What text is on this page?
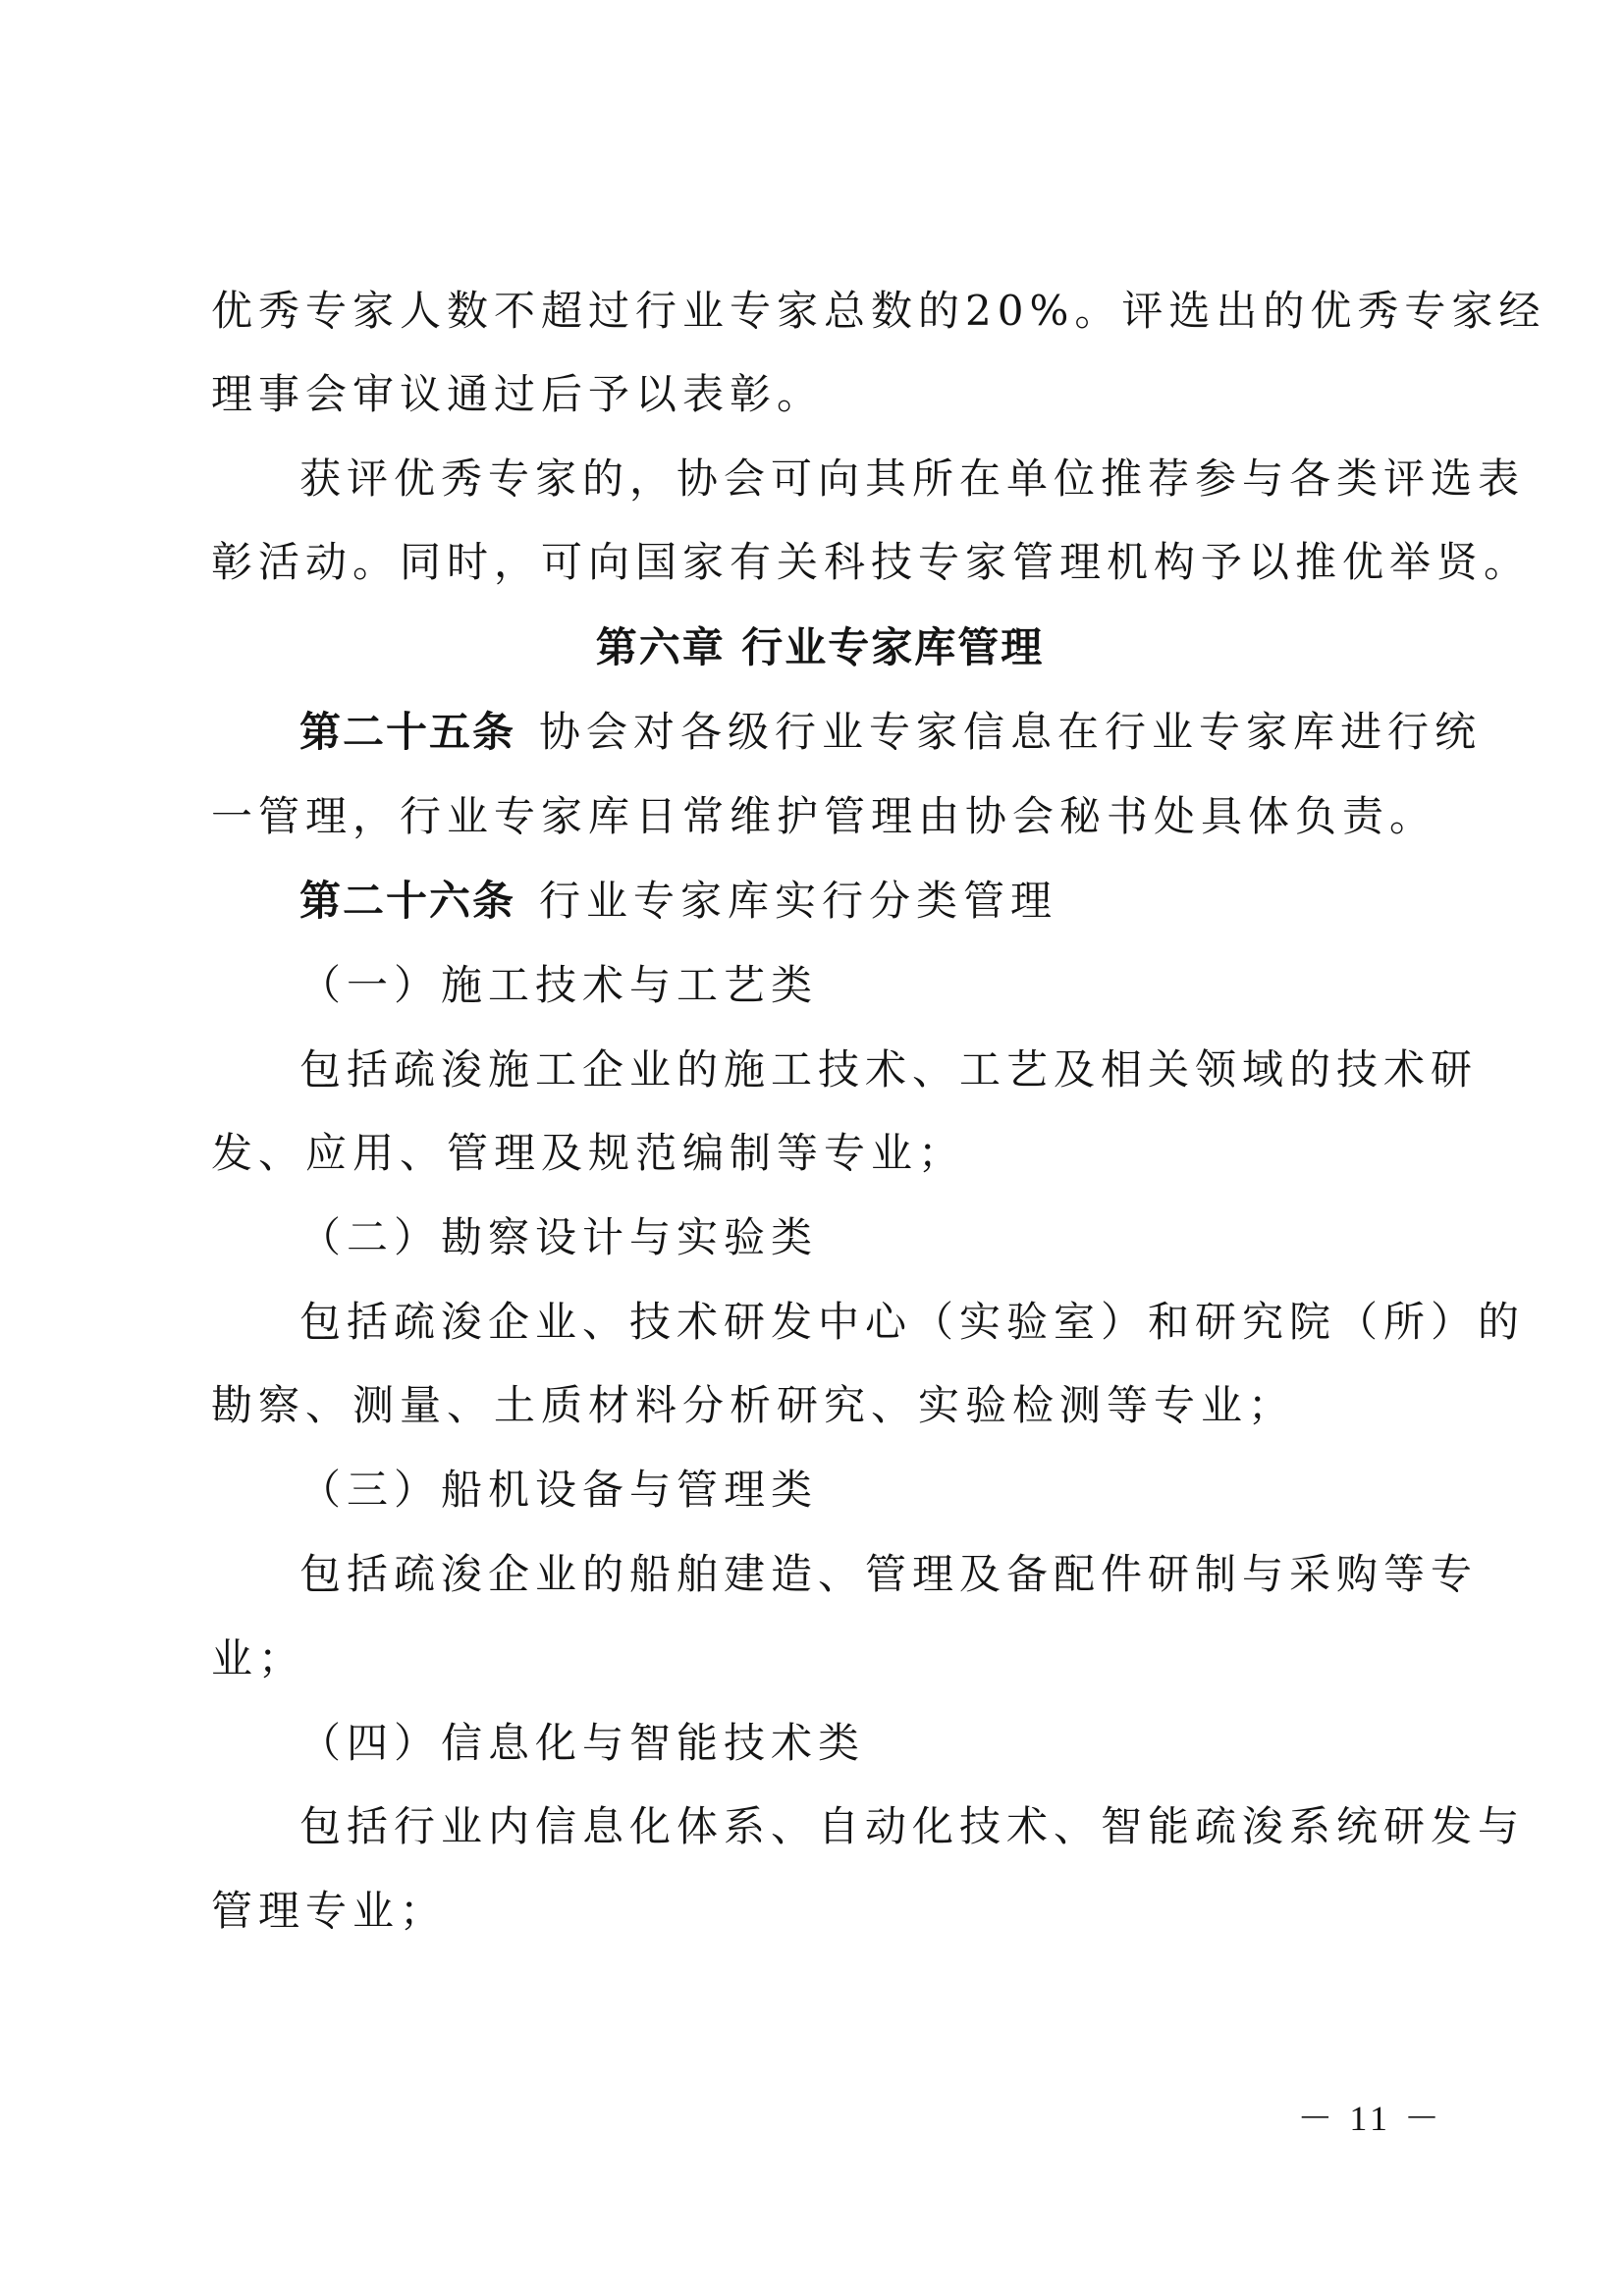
优秀专家人数不超过行业专家总数的20%。评选出的优秀专家经
理事会审议通过后予以表彰。
获评优秀专家的，协会可向其所在单位推荐参与各类评选表
彰活动。同时，可向国家有关科技专家管理机构予以推优举贤。
第六章 行业专家库管理
第二十五条 协会对各级行业专家信息在行业专家库进行统
一管理，行业专家库日常维护管理由协会秘书处具体负责。
第二十六条 行业专家库实行分类管理
（一）施工技术与工艺类
包括疏浚施工企业的施工技术、工艺及相关领域的技术研
发、应用、管理及规范编制等专业；
（二）勘察设计与实验类
包括疏浚企业、技术研发中心（实验室）和研究院（所）的
勘察、测量、土质材料分析研究、实验检测等专业；
（三）船机设备与管理类
包括疏浚企业的船舶建造、管理及备配件研制与采购等专
业；
（四）信息化与智能技术类
包括行业内信息化体系、自动化技术、智能疏浚系统研发与
管理专业；
－ 11 －
